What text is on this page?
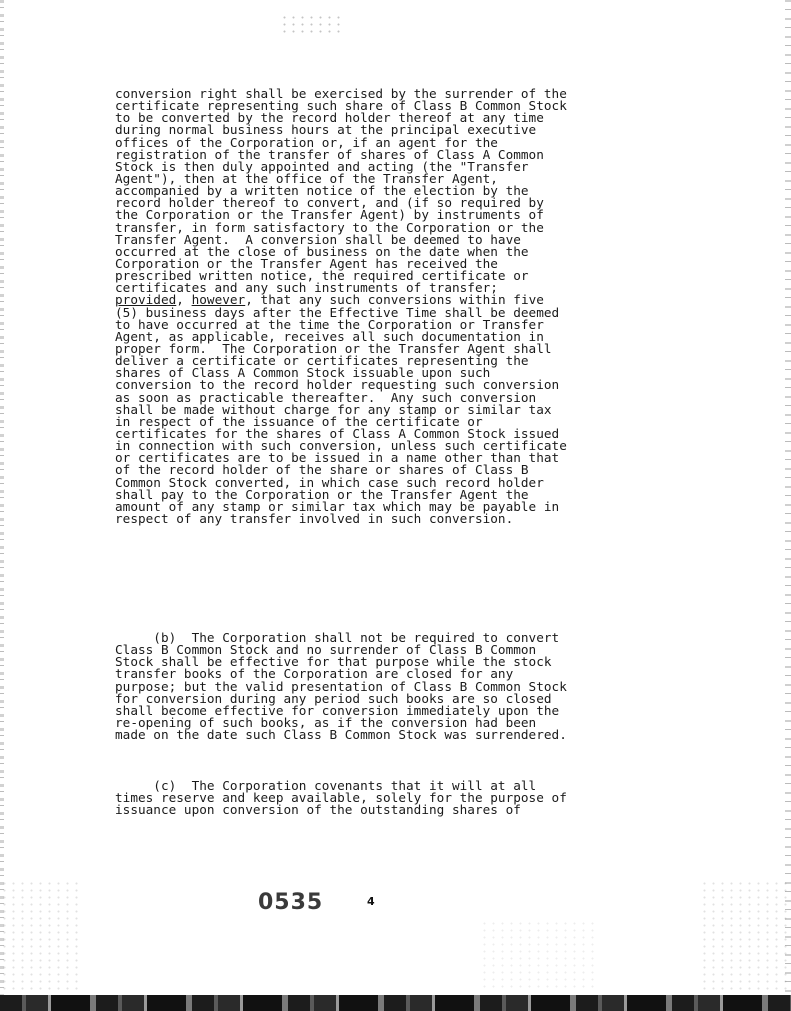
conversion right shall be exercised by the surrender of the
certificate representing such share of Class B Common Stock
to be converted by the record holder thereof at any time
during normal business hours at the principal executive
offices of the Corporation or, if an agent for the
registration of the transfer of shares of Class A Common
Stock is then duly appointed and acting (the "Transfer
Agent"), then at the office of the Transfer Agent,
accompanied by a written notice of the election by the
record holder thereof to convert, and (if so required by
the Corporation or the Transfer Agent) by instruments of
transfer, in form satisfactory to the Corporation or the
Transfer Agent.  A conversion shall be deemed to have
occurred at the close of business on the date when the
Corporation or the Transfer Agent has received the
prescribed written notice, the required certificate or
certificates and any such instruments of transfer;
provided, however, that any such conversions within five
(5) business days after the Effective Time shall be deemed
to have occurred at the time the Corporation or Transfer
Agent, as applicable, receives all such documentation in
proper form.  The Corporation or the Transfer Agent shall
deliver a certificate or certificates representing the
shares of Class A Common Stock issuable upon such
conversion to the record holder requesting such conversion
as soon as practicable thereafter.  Any such conversion
shall be made without charge for any stamp or similar tax
in respect of the issuance of the certificate or
certificates for the shares of Class A Common Stock issued
in connection with such conversion, unless such certificate
or certificates are to be issued in a name other than that
of the record holder of the share or shares of Class B
Common Stock converted, in which case such record holder
shall pay to the Corporation or the Transfer Agent the
amount of any stamp or similar tax which may be payable in
respect of any transfer involved in such conversion.
(b)  The Corporation shall not be required to convert
Class B Common Stock and no surrender of Class B Common
Stock shall be effective for that purpose while the stock
transfer books of the Corporation are closed for any
purpose; but the valid presentation of Class B Common Stock
for conversion during any period such books are so closed
shall become effective for conversion immediately upon the
re-opening of such books, as if the conversion had been
made on the date such Class B Common Stock was surrendered.
(c)  The Corporation covenants that it will at all
times reserve and keep available, solely for the purpose of
issuance upon conversion of the outstanding shares of
0535	4
